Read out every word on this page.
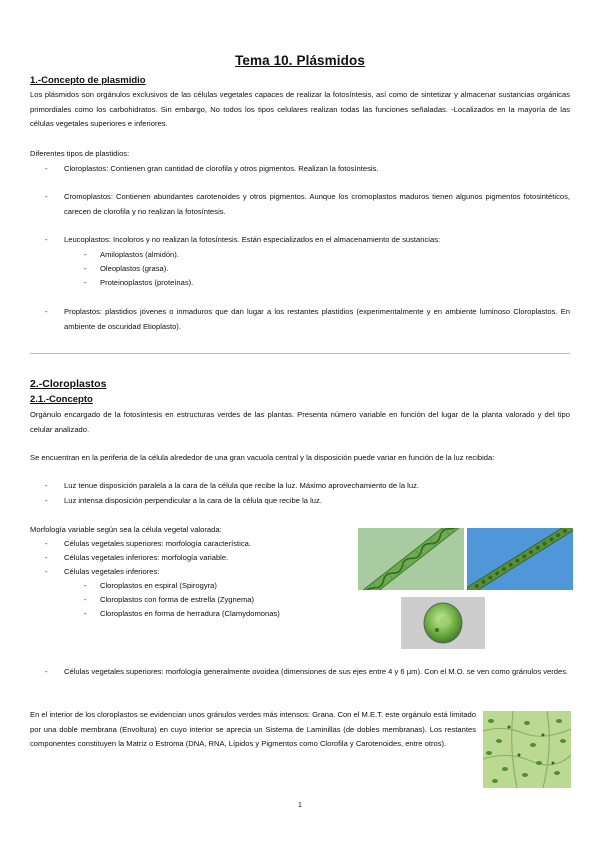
Tema 10. Plásmidos
1.-Concepto de plasmidio

Los plásmidos son orgánulos exclusivos de las células vegetales capaces de realizar la fotosíntesis, así como de sintetizar y almacenar sustancias orgánicas primordiales como los carbohidratos. Sin embargo, No todos los tipos celulares realizan todas las funciones señaladas. -Localizados en la mayoría de las células vegetales superiores e inferiores.

Diferentes tipos de plastidios:

- Cloroplastos: Contienen gran cantidad de clorofila y otros pigmentos. Realizan la fotosíntesis.

- Cromoplastos: Contienen abundantes carotenoides y otros pigmentos. Aunque los cromoplastos maduros tienen algunos pigmentos fotosintéticos, carecen de clorofila y no realizan la fotosíntesis.

- Leucoplastos: Incoloros y no realizan la fotosíntesis. Están especializados en el almacenamiento de sustancias:

- Amiloplastos (almidón).

- Oleoplastos (grasa).

- Proteinoplastos (proteínas).

- Proplastos: plastidios jóvenes o inmaduros que dan lugar a los restantes plastidios (experimentalmente y en ambiente luminoso Cloroplastos. En ambiente de oscuridad Etioplasto).

2.-Cloroplastos
2.1.-Concepto

Orgánulo encargado de la fotosíntesis en estructuras verdes de las plantas. Presenta número variable en función del lugar de la planta valorado y del tipo celular analizado.

Se encuentran en la periferia de la célula alrededor de una gran vacuola central y la disposición puede variar en función de la luz recibida:

- Luz tenue disposición paralela a la cara de la célula que recibe la luz. Máximo aprovechamiento de la luz.

- Luz intensa disposición perpendicular a la cara de la célula que recibe la luz.

Morfología variable según sea la célula vegetal valorada:

- Células vegetales superiores: morfología característica.

- Células vegetales inferiores: morfología variable.

- Células vegetales inferiores:

- Cloroplastos en espiral (Spirogyra)

- Cloroplastos con forma de estrella (Zygnema)

- Cloroplastos en forma de herradura (Clamydomonas)

- Células vegetales superiores: morfología generalmente ovoidea (dimensiones de sus ejes entre 4 y 6 μm). Con el M.O. se ven como gránulos verdes.

En el interior de los cloroplastos se evidencian unos gránulos verdes más intensos: Grana. Con el M.E.T. este orgánulo está limitado por una doble membrana (Envoltura) en cuyo interior se aprecia un Sistema de Laminillas (de dobles membranas). Los restantes componentes constituyen la Matriz o Estroma (DNA, RNA, Lípidos y Pigmentos como Clorofila y Carotenoides, entre otros).

1
